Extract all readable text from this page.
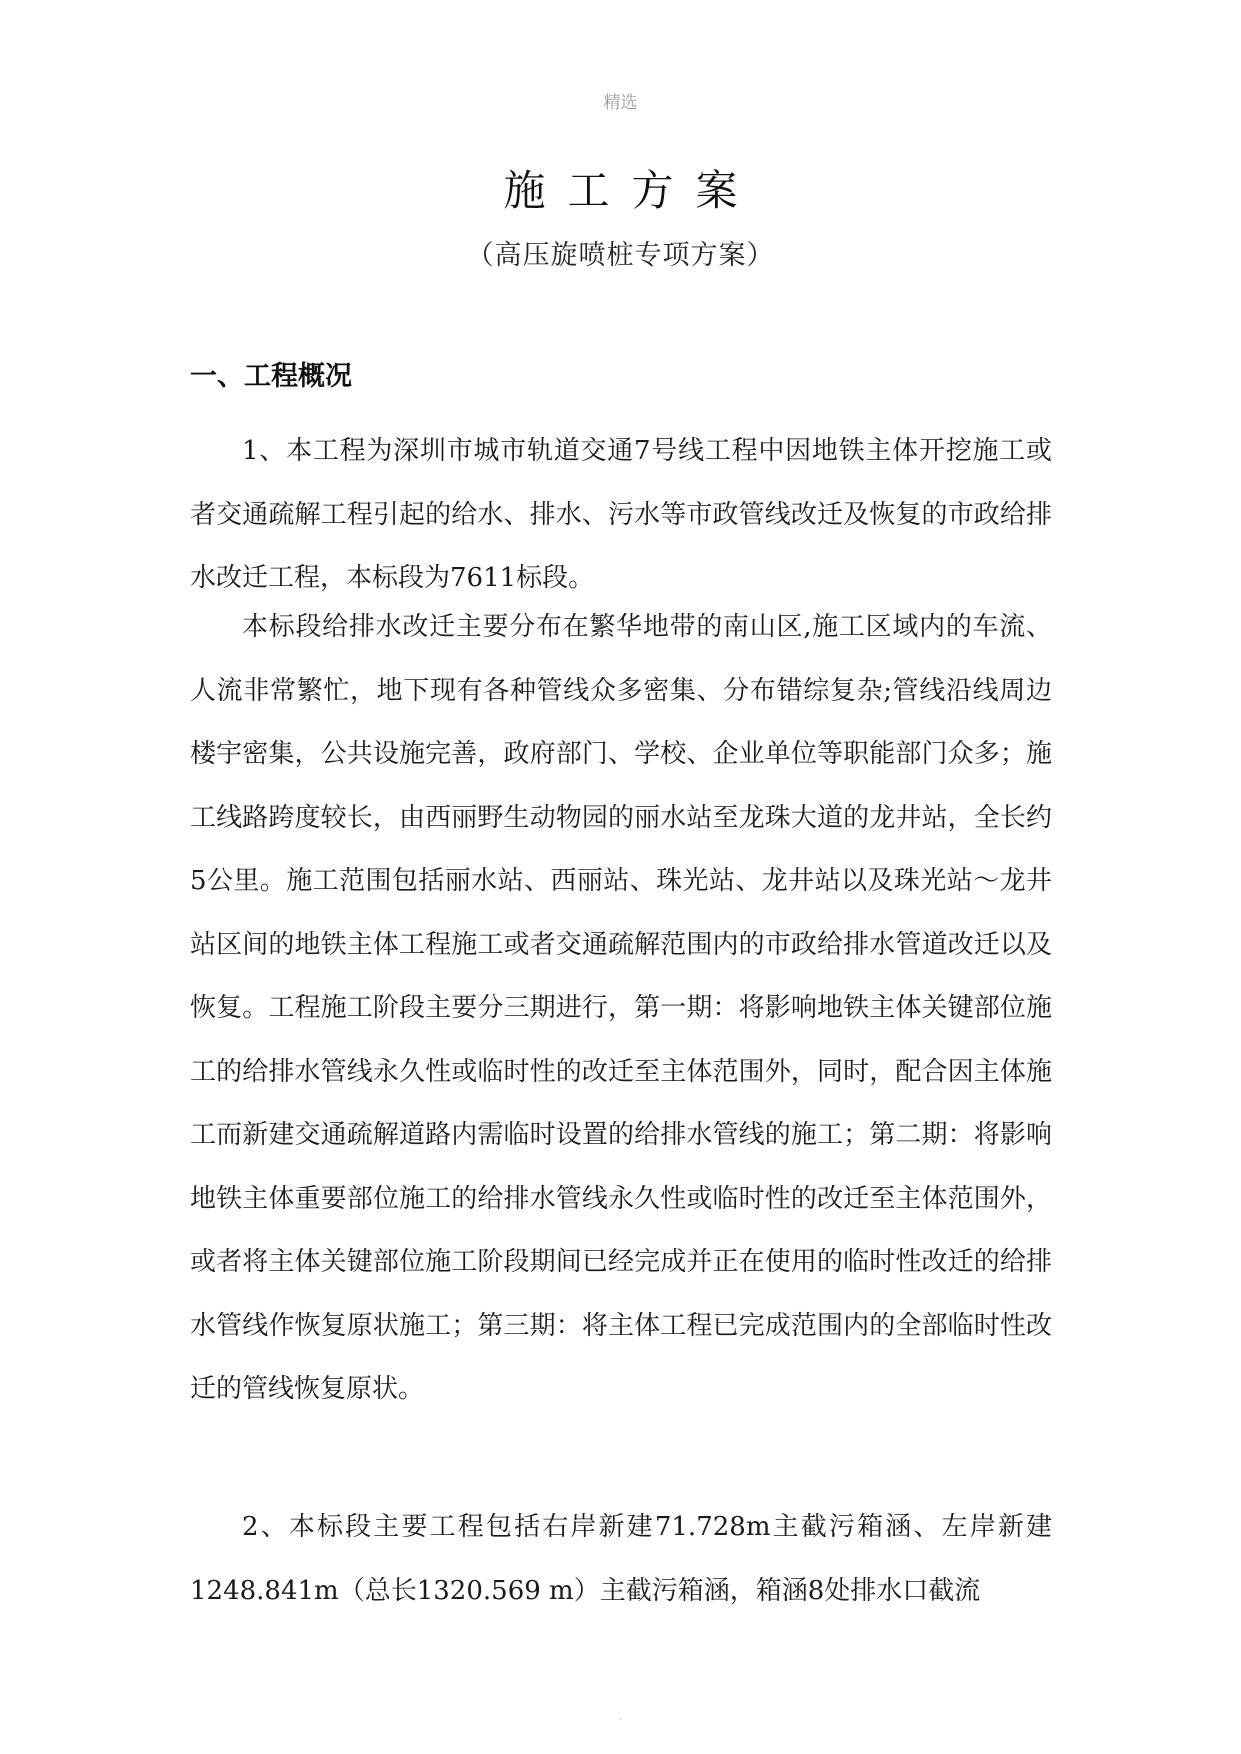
精选
施工方案
（高压旋喷桩专项方案）
一、工程概况

1、本工程为深圳市城市轨道交通7号线工程中因地铁主体开挖施工或者交通疏解工程引起的给水、排水、污水等市政管线改迁及恢复的市政给排水改迁工程，本标段为7611标段。

本标段给排水改迁主要分布在繁华地带的南山区,施工区域内的车流、人流非常繁忙，地下现有各种管线众多密集、分布错综复杂;管线沿线周边楼宇密集，公共设施完善，政府部门、学校、企业单位等职能部门众多；施工线路跨度较长，由西丽野生动物园的丽水站至龙珠大道的龙井站，全长约5公里。施工范围包括丽水站、西丽站、珠光站、龙井站以及珠光站～龙井站区间的地铁主体工程施工或者交通疏解范围内的市政给排水管道改迁以及恢复。工程施工阶段主要分三期进行，第一期：将影响地铁主体关键部位施工的给排水管线永久性或临时性的改迁至主体范围外，同时，配合因主体施工而新建交通疏解道路内需临时设置的给排水管线的施工；第二期：将影响地铁主体重要部位施工的给排水管线永久性或临时性的改迁至主体范围外，或者将主体关键部位施工阶段期间已经完成并正在使用的临时性改迁的给排水管线作恢复原状施工；第三期：将主体工程已完成范围内的全部临时性改迁的管线恢复原状。

2、本标段主要工程包括右岸新建71.728m主截污箱涵、左岸新建1248.841m（总长1320.569 m）主截污箱涵，箱涵8处排水口截流

.
